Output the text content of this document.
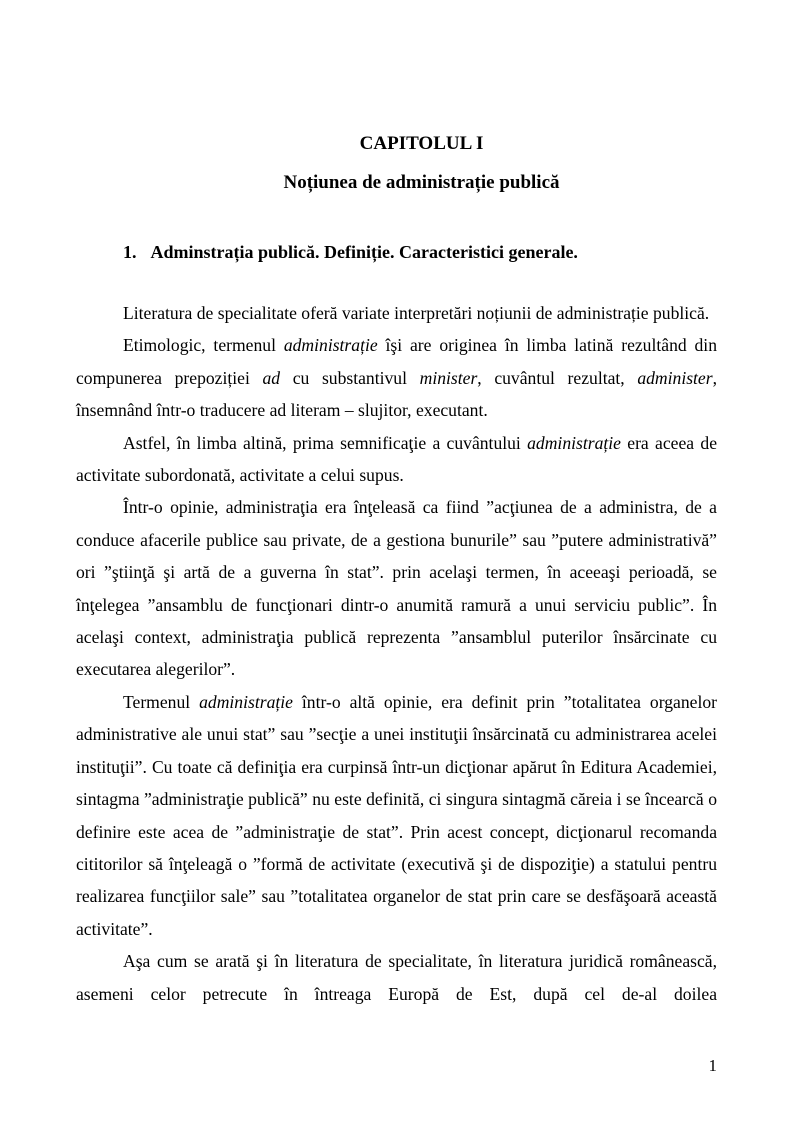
CAPITOLUL I
Noțiunea de administrație publică
1. Adminstrația publică. Definiție. Caracteristici generale.

Literatura de specialitate oferă variate interpretări noțiunii de administrație publică.

Etimologic, termenul administrație îşi are originea în limba latină rezultând din compunerea prepoziției ad cu substantivul minister, cuvântul rezultat, administer, însemnând într-o traducere ad literam – slujitor, executant.

Astfel, în limba altină, prima semnificaţie a cuvântului administrație era aceea de activitate subordonată, activitate a celui supus.

Într-o opinie, administraţia era înţeleasă ca fiind ”acţiunea de a administra, de a conduce afacerile publice sau private, de a gestiona bunurile” sau ”putere administrativă” ori ”ştiinţă şi artă de a guverna în stat”. prin acelaşi termen, în aceeaşi perioadă, se înţelegea ”ansamblu de funcţionari dintr-o anumită ramură a unui serviciu public”. În acelaşi context, administraţia publică reprezenta ”ansamblul puterilor însărcinate cu executarea alegerilor”.

Termenul administrație într-o altă opinie, era definit prin ”totalitatea organelor administrative ale unui stat” sau ”secţie a unei instituţii însărcinată cu administrarea acelei instituţii”. Cu toate că definiţia era curpinsă într-un dicţionar apărut în Editura Academiei, sintagma ”administraţie publică” nu este definită, ci singura sintagmă căreia i se încearcă o definire este acea de ”administraţie de stat”. Prin acest concept, dicţionarul recomanda cititorilor să înţeleagă o ”formă de activitate (executivă şi de dispoziţie) a statului pentru realizarea funcţiilor sale” sau ”totalitatea organelor de stat prin care se desfăşoară această activitate”.

Aşa cum se arată şi în literatura de specialitate, în literatura juridică românească, asemeni celor petrecute în întreaga Europă de Est, după cel de-al doilea

1
